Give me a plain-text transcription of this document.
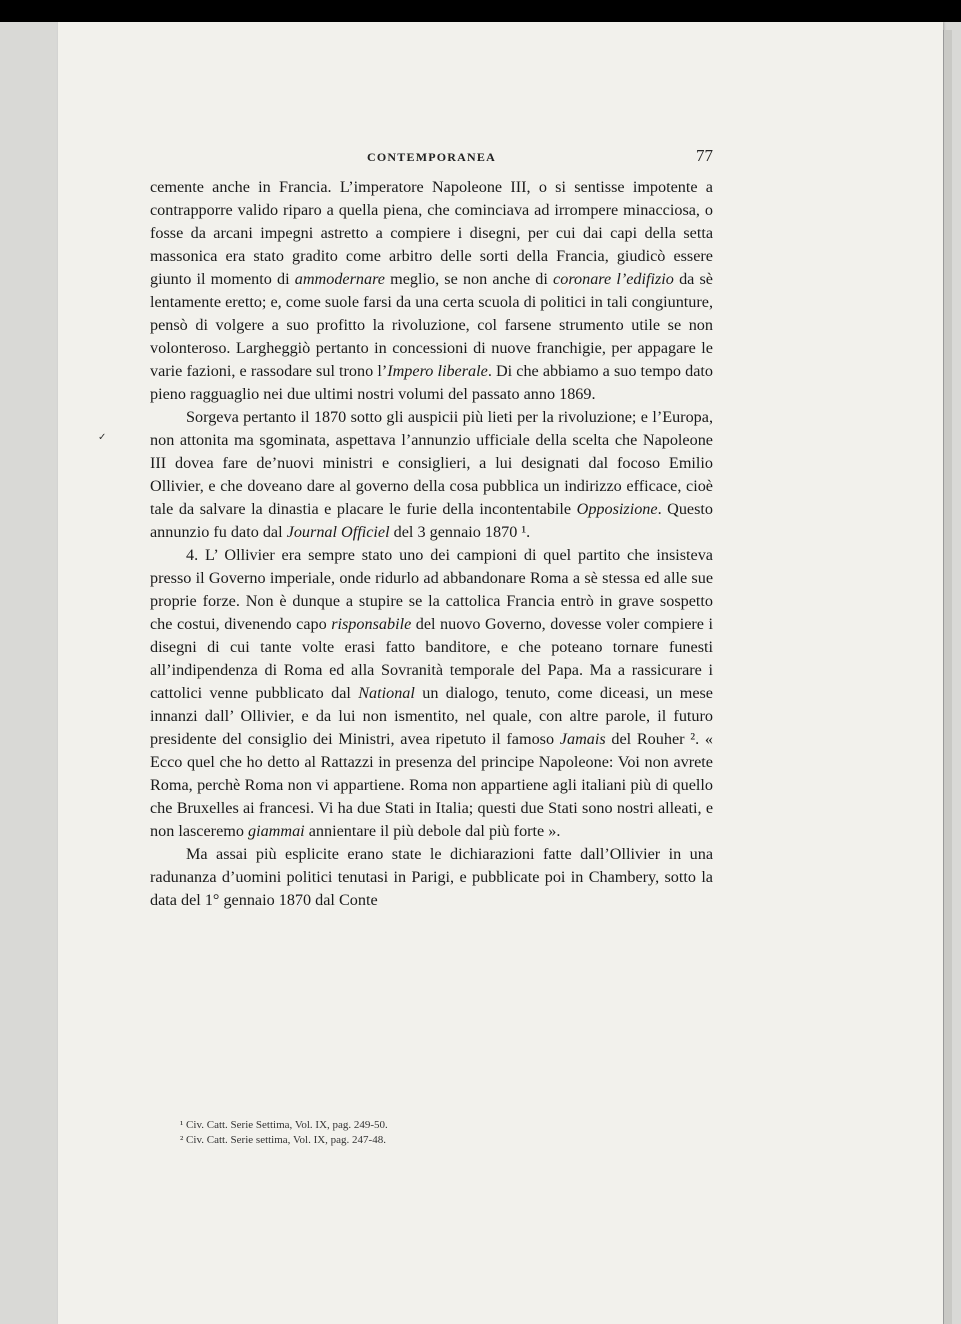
CONTEMPORANEA	77
✓

cemente anche in Francia. L’imperatore Napoleone III, o si sentisse impotente a contrapporre valido riparo a quella piena, che cominciava ad irrompere minacciosa, o fosse da arcani impegni astretto a compiere i disegni, per cui dai capi della setta massonica era stato gradito come arbitro delle sorti della Francia, giudicò essere giunto il momento di ammodernare meglio, se non anche di coronare l’edifizio da sè lentamente eretto; e, come suole farsi da una certa scuola di politici in tali congiunture, pensò di volgere a suo profitto la rivoluzione, col farsene strumento utile se non volonteroso. Largheggiò pertanto in concessioni di nuove franchigie, per appagare le varie fazioni, e rassodare sul trono l’Impero liberale. Di che abbiamo a suo tempo dato pieno ragguaglio nei due ultimi nostri volumi del passato anno 1869.

Sorgeva pertanto il 1870 sotto gli auspicii più lieti per la rivoluzione; e l’Europa, non attonita ma sgominata, aspettava l’annunzio ufficiale della scelta che Napoleone III dovea fare de’nuovi ministri e consiglieri, a lui designati dal focoso Emilio Ollivier, e che doveano dare al governo della cosa pubblica un indirizzo efficace, cioè tale da salvare la dinastia e placare le furie della incontentabile Opposizione. Questo annunzio fu dato dal Journal Officiel del 3 gennaio 1870 ¹.

4. L’ Ollivier era sempre stato uno dei campioni di quel partito che insisteva presso il Governo imperiale, onde ridurlo ad abbandonare Roma a sè stessa ed alle sue proprie forze. Non è dunque a stupire se la cattolica Francia entrò in grave sospetto che costui, divenendo capo risponsabile del nuovo Governo, dovesse voler compiere i disegni di cui tante volte erasi fatto banditore, e che poteano tornare funesti all’indipendenza di Roma ed alla Sovranità temporale del Papa. Ma a rassicurare i cattolici venne pubblicato dal National un dialogo, tenuto, come diceasi, un mese innanzi dall’ Ollivier, e da lui non ismentito, nel quale, con altre parole, il futuro presidente del consiglio dei Ministri, avea ripetuto il famoso Jamais del Rouher ². « Ecco quel che ho detto al Rattazzi in presenza del principe Napoleone: Voi non avrete Roma, perchè Roma non vi appartiene. Roma non appartiene agli italiani più di quello che Bruxelles ai francesi. Vi ha due Stati in Italia; questi due Stati sono nostri alleati, e non lasceremo giammai annientare il più debole dal più forte ».

Ma assai più esplicite erano state le dichiarazioni fatte dall’Ollivier in una radunanza d’uomini politici tenutasi in Parigi, e pubblicate poi in Chambery, sotto la data del 1° gennaio 1870 dal Conte

¹ Civ. Catt. Serie Settima, Vol. IX, pag. 249-50.
² Civ. Catt. Serie settima, Vol. IX, pag. 247-48.
